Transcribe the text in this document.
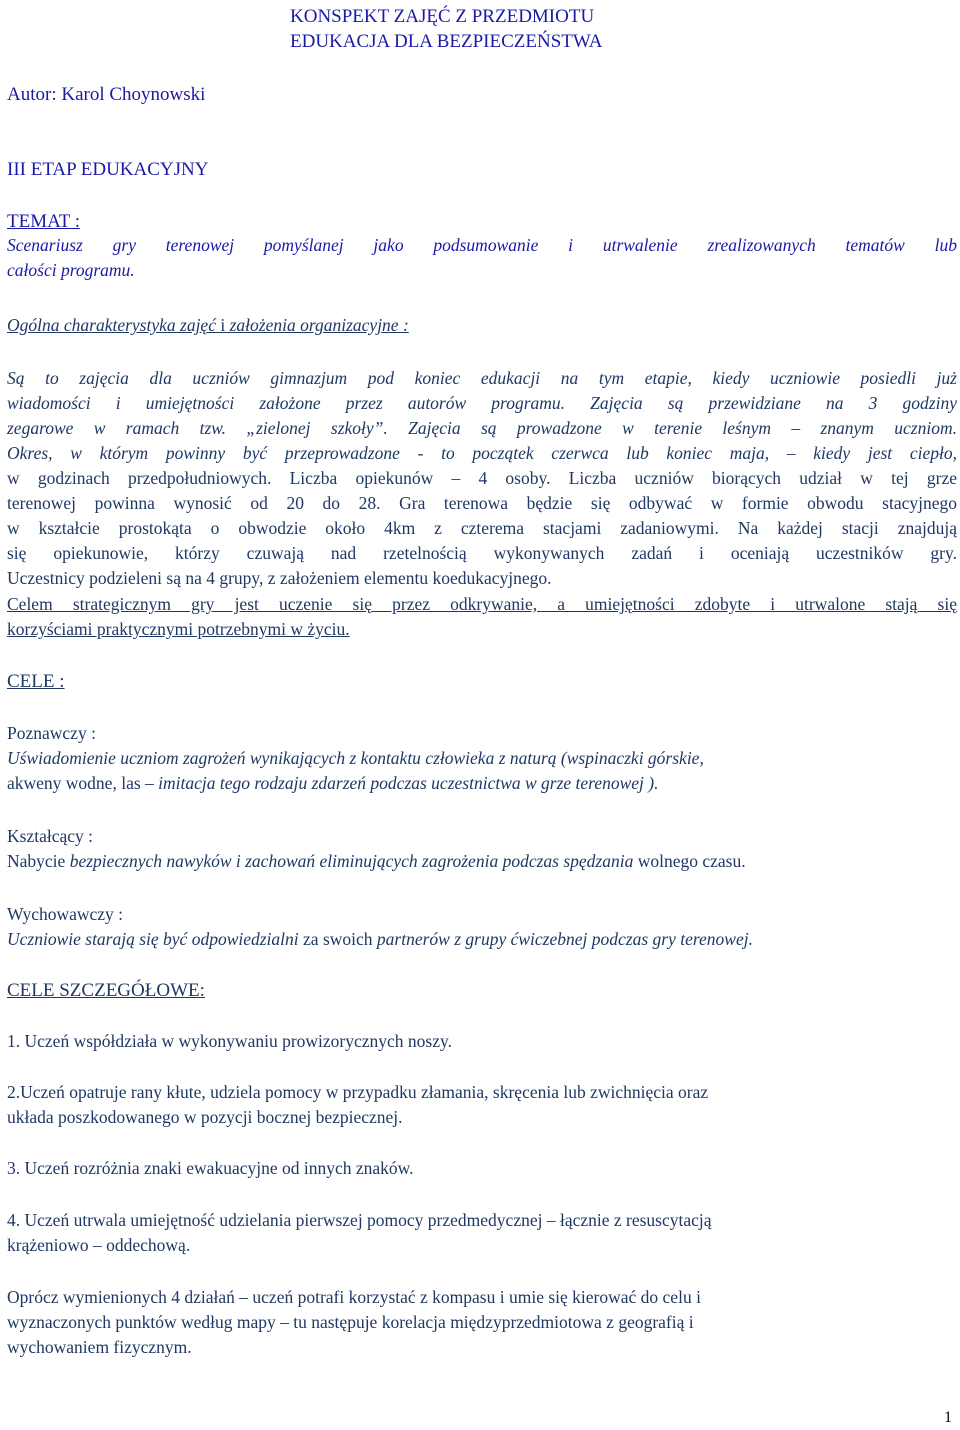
KONSPEKT ZAJĘĆ Z PRZEDMIOTU
EDUKACJA DLA BEZPIECZEŃSTWA
Autor: Karol Choynowski
III ETAP EDUKACYJNY
TEMAT :
Scenariusz gry terenowej pomyślanej jako podsumowanie i utrwalenie zrealizowanych tematów lub
całości programu.
Ogólna charakterystyka zajęć i założenia organizacyjne :
Są to zajęcia dla uczniów gimnazjum pod koniec edukacji na tym etapie, kiedy uczniowie posiedli już
wiadomości i umiejętności założone przez autorów programu. Zajęcia są przewidziane na 3 godziny
zegarowe w ramach tzw. „zielonej szkoły”. Zajęcia są prowadzone w terenie leśnym – znanym uczniom.
Okres, w którym powinny być przeprowadzone - to początek czerwca lub koniec maja, – kiedy jest ciepło,
w godzinach przedpołudniowych. Liczba opiekunów – 4 osoby. Liczba uczniów biorących udział w tej grze
terenowej powinna wynosić od 20 do 28. Gra terenowa będzie się odbywać w formie obwodu stacyjnego
w kształcie prostokąta o obwodzie około 4km z czterema stacjami zadaniowymi. Na każdej stacji znajdują
się opiekunowie, którzy czuwają nad rzetelnością wykonywanych zadań i oceniają uczestników gry.
Uczestnicy podzieleni są na 4 grupy, z założeniem elementu koedukacyjnego.
Celem strategicznym gry jest uczenie się przez odkrywanie, a umiejętności zdobyte i utrwalone stają się
korzyściami praktycznymi potrzebnymi w życiu.
CELE :
Poznawczy :
Uświadomienie uczniom zagrożeń wynikających z kontaktu człowieka z naturą (wspinaczki górskie,
akweny wodne, las – imitacja tego rodzaju zdarzeń podczas uczestnictwa w grze terenowej ).
Kształcący :
Nabycie bezpiecznych nawyków i zachowań eliminujących zagrożenia podczas spędzania wolnego czasu.
Wychowawczy :
Uczniowie starają się być odpowiedzialni za swoich partnerów z grupy ćwiczebnej podczas gry terenowej.
CELE SZCZEGÓŁOWE:
1. Uczeń współdziała w wykonywaniu prowizorycznych noszy.
2.Uczeń opatruje rany kłute, udziela pomocy w przypadku złamania, skręcenia lub zwichnięcia oraz
układa poszkodowanego w pozycji bocznej bezpiecznej.
3. Uczeń rozróżnia znaki ewakuacyjne od innych znaków.
4. Uczeń utrwala umiejętność udzielania pierwszej pomocy przedmedycznej – łącznie z resuscytacją
krążeniowo – oddechową.
Oprócz wymienionych 4 działań – uczeń potrafi korzystać z kompasu i umie się kierować do celu i
wyznaczonych punktów według mapy – tu następuje korelacja międzyprzedmiotowa z geografią i
wychowaniem fizycznym.
1
